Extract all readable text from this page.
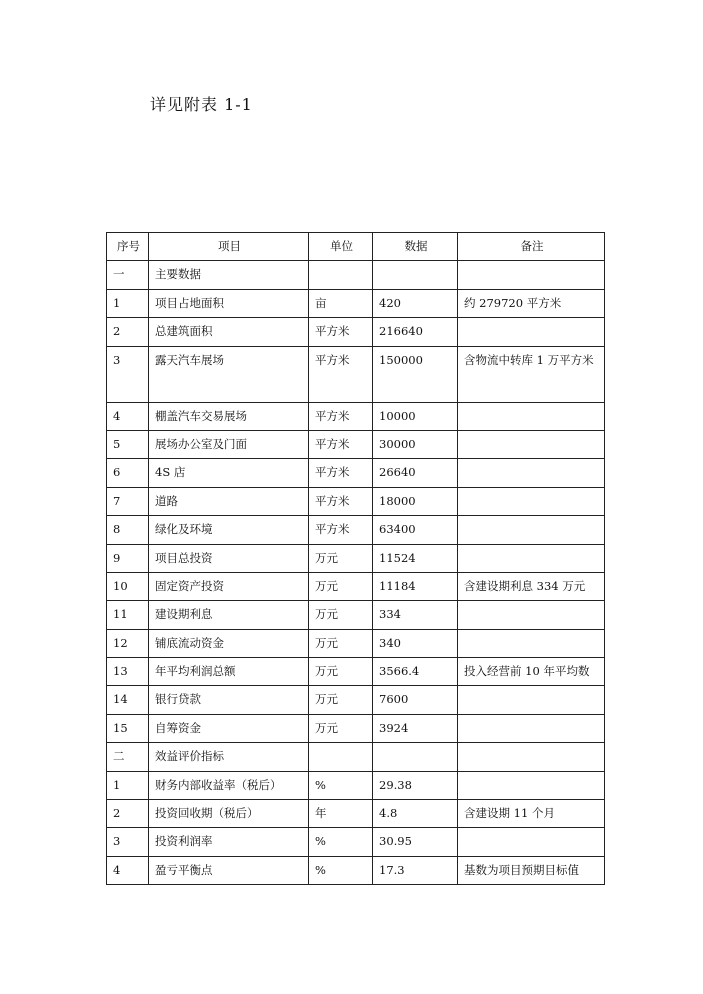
详见附表 1-1
序号	项目	单位	数据	备注
一	主要数据			
1	项目占地面积	亩	420	约 279720 平方米
2	总建筑面积	平方米	216640	
3	露天汽车展场	平方米	150000	含物流中转库 1 万平方米
4	棚盖汽车交易展场	平方米	10000	
5	展场办公室及门面	平方米	30000	
6	4S 店	平方米	26640	
7	道路	平方米	18000	
8	绿化及环境	平方米	63400	
9	项目总投资	万元	11524	
10	固定资产投资	万元	11184	含建设期利息 334 万元
11	建设期利息	万元	334	
12	铺底流动资金	万元	340	
13	年平均利润总额	万元	3566.4	投入经营前 10 年平均数
14	银行贷款	万元	7600	
15	自筹资金	万元	3924	
二	效益评价指标			
1	财务内部收益率（税后）	%	29.38	
2	投资回收期（税后）	年	4.8	含建设期 11 个月
3	投资利润率	%	30.95	
4	盈亏平衡点	%	17.3	基数为项目预期目标值
